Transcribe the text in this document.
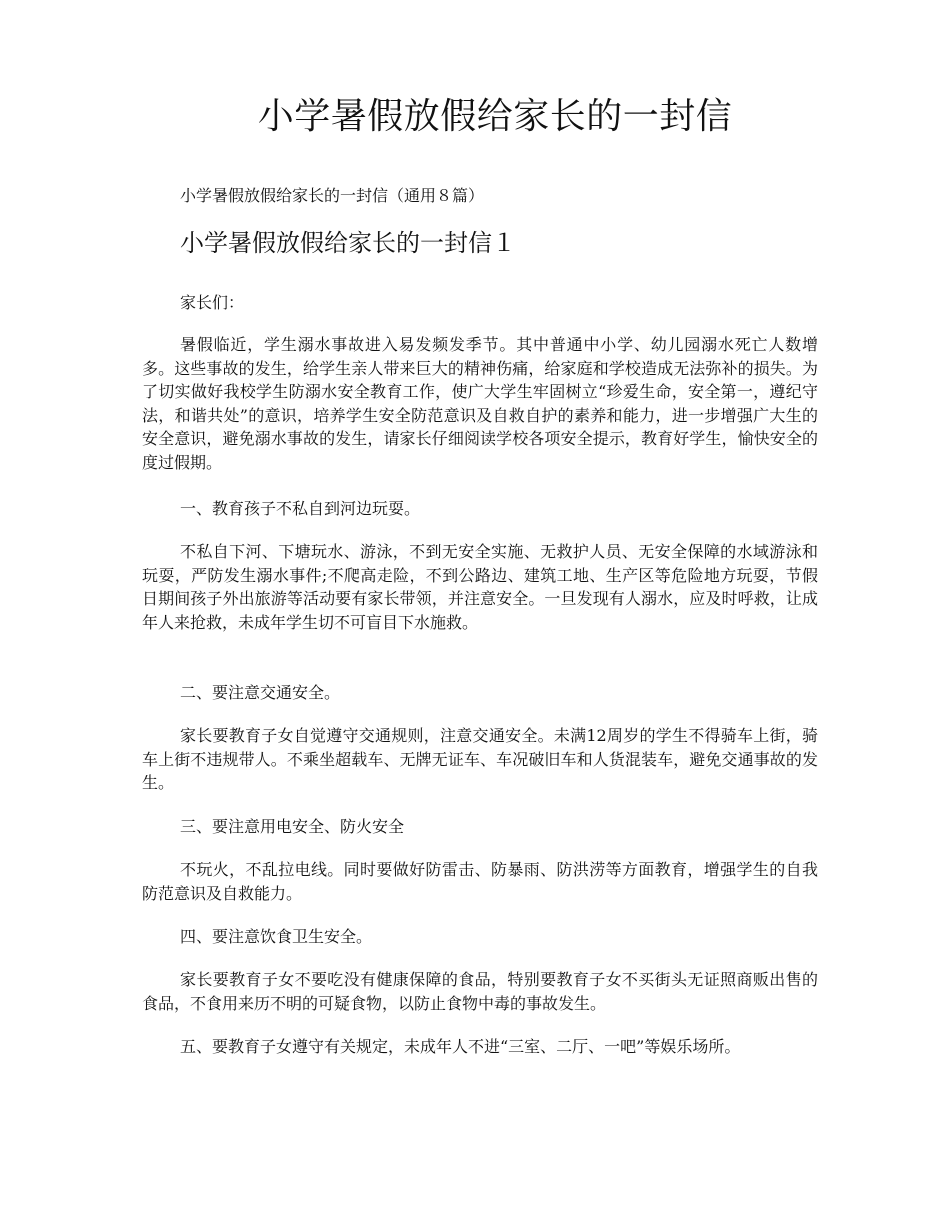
小学暑假放假给家长的一封信

小学暑假放假给家长的一封信（通用８篇）

小学暑假放假给家长的一封信１

家长们：

暑假临近，学生溺水事故进入易发频发季节。其中普通中小学、幼儿园溺水死亡人数增多。这些事故的发生，给学生亲人带来巨大的精神伤痛，给家庭和学校造成无法弥补的损失。为了切实做好我校学生防溺水安全教育工作，使广大学生牢固树立“珍爱生命，安全第一，遵纪守法，和谐共处”的意识，培养学生安全防范意识及自救自护的素养和能力，进一步增强广大生的安全意识，避免溺水事故的发生，请家长仔细阅读学校各项安全提示，教育好学生，愉快安全的度过假期。

一、教育孩子不私自到河边玩耍。

不私自下河、下塘玩水、游泳，不到无安全实施、无救护人员、无安全保障的水域游泳和玩耍，严防发生溺水事件;不爬高走险，不到公路边、建筑工地、生产区等危险地方玩耍，节假日期间孩子外出旅游等活动要有家长带领，并注意安全。一旦发现有人溺水，应及时呼救，让成年人来抢救，未成年学生切不可盲目下水施救。

二、要注意交通安全。

家长要教育子女自觉遵守交通规则，注意交通安全。未满12周岁的学生不得骑车上街，骑车上街不违规带人。不乘坐超载车、无牌无证车、车况破旧车和人货混装车，避免交通事故的发生。

三、要注意用电安全、防火安全

不玩火，不乱拉电线。同时要做好防雷击、防暴雨、防洪涝等方面教育，增强学生的自我防范意识及自救能力。

四、要注意饮食卫生安全。

家长要教育子女不要吃没有健康保障的食品，特别要教育子女不买街头无证照商贩出售的食品，不食用来历不明的可疑食物，以防止食物中毒的事故发生。

五、要教育子女遵守有关规定，未成年人不进“三室、二厅、一吧”等娱乐场所。
